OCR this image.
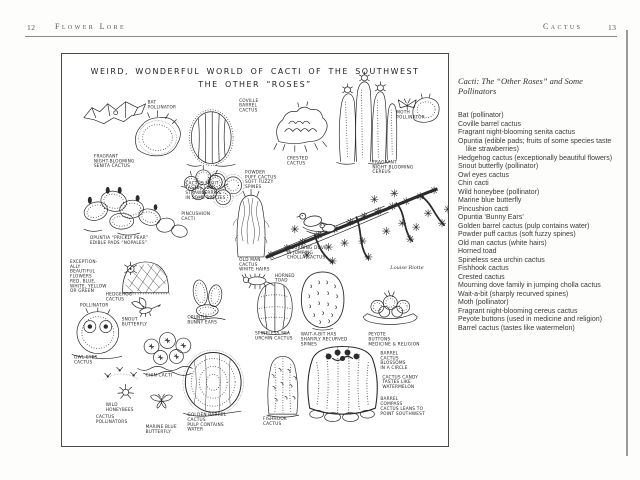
12 Flower Lore	Cactus	13
WEIRD, WONDERFUL WORLD OF CACTI OF THE SOUTHWEST
THE OTHER “ROSES”
BAT
POLLINATOR
COVILLE
BARREL
CACTUS
FRAGRANT
NIGHT-BLOOMING
SENITA CACTUS
CACTUS FRUIT
TASTES LIKE
STRAWBERRIES
IN SOME SPECIES
OPUNTIA “PRICKLY PEAR”
EDIBLE PADS “NOPALES”
PINCUSHION
CACTI
POWDER
PUFF CACTUS
SOFT FUZZY
SPINES
CRESTED
CACTUS
MOTH
POLLINATOR
FRAGRANT
NIGHT BLOOMING
CEREUS
MOURNING DOVE
IN JUMPING
CHOLLA CACTUS
OLD MAN
CACTUS
WHITE HAIRS
HORNED
TOAD
EXCEPTION-
ALLY
BEAUTIFUL
FLOWERS
RED, BLUE,
WHITE, YELLOW
OR GREEN
HEDGEHOG
CACTUS
POLLINATOR
SNOUT
BUTTERFLY
OPUNTIA
BUNNY EARS
OWL EYES
CACTUS
CHIN CACTI
SPINELESS SEA
URCHIN CACTUS
WAIT-A-BIT HAS
SHARPLY RECURVED
SPINES
PEYOTE
BUTTONS
MEDICINE & RELIGION
WILD
HONEYBEES
CACTUS
POLLINATORS
MARINE BLUE
BUTTERFLY
GOLDEN BARREL
CACTUS
PULP CONTAINS
WATER
FISHHOOK
CACTUS
BARREL
CACTUS
BLOSSOMS
IN A CIRCLE
CACTUS CANDY
TASTES LIKE
WATERMELON
BARREL
COMPASS
CACTUS LEANS TO
POINT SOUTHWEST
Louise Riotte

Cacti: The “Other Roses” and Some Pollinators

Bat (pollinator)
Coville barrel cactus
Fragrant night-blooming senita cactus
Opuntia (edible pads; fruits of some species taste like strawberries)
Hedgehog cactus (exceptionally beautiful flowers)
Snout butterfly (pollinator)
Owl eyes cactus
Chin cacti
Wild honeybee (pollinator)
Marine blue butterfly
Pincushion cacti
Opuntia ‘Bunny Ears’
Golden barrel cactus (pulp contains water)
Powder puff cactus (soft fuzzy spines)
Old man cactus (white hairs)
Horned toad
Spineless sea urchin cactus
Fishhook cactus
Crested cactus
Mourning dove family in jumping cholla cactus
Wait-a-bit (sharply recurved spines)
Moth (pollinator)
Fragrant night-blooming cereus cactus
Peyote buttons (used in medicine and religion)
Barrel cactus (tastes like watermelon)
